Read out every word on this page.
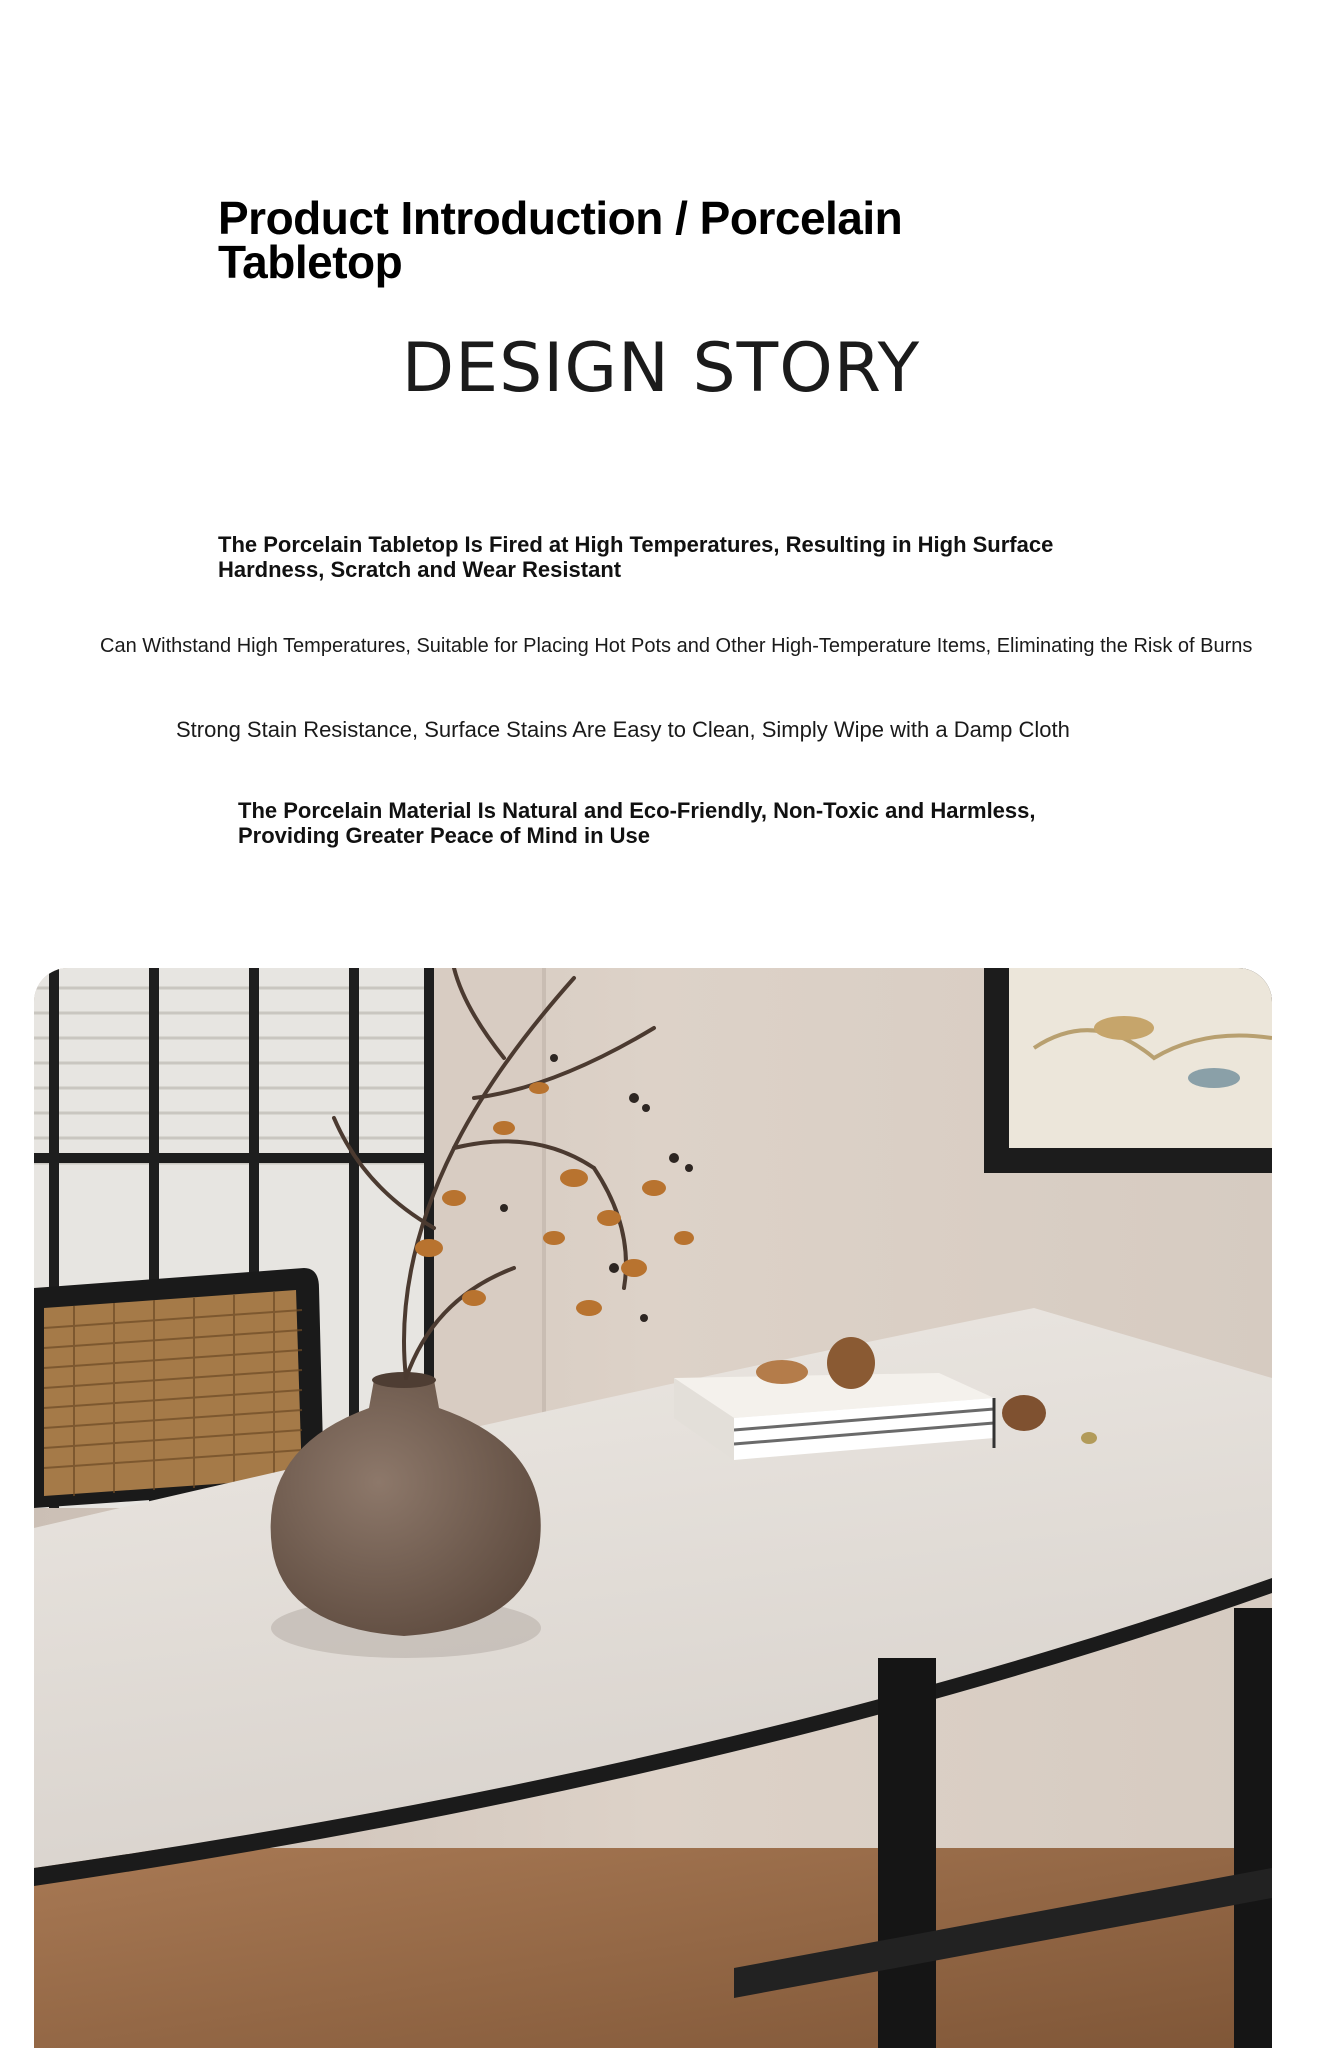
Product Introduction / Porcelain Tabletop
DESIGN STORY
The Porcelain Tabletop Is Fired at High Temperatures, Resulting in High Surface Hardness, Scratch and Wear Resistant
Can Withstand High Temperatures, Suitable for Placing Hot Pots and Other High-Temperature Items, Eliminating the Risk of Burns
Strong Stain Resistance, Surface Stains Are Easy to Clean, Simply Wipe with a Damp Cloth
The Porcelain Material Is Natural and Eco-Friendly, Non-Toxic and Harmless, Providing Greater Peace of Mind in Use
